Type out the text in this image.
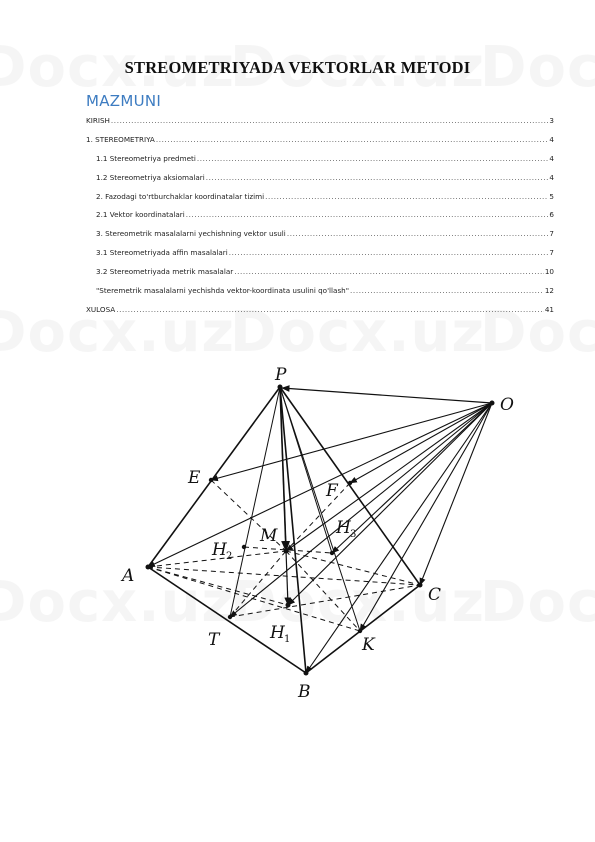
STREOMETRIYADA VEKTORLAR METODI
MAZMUNI
KIRISH .....	3
1. STEREOMETRIYA .....	4
1.1 Stereometriya predmeti .....	4
1.2 Stereometriya aksiomalari .....	4
2. Fazodagi to'rtburchaklar koordinatalar tizimi .....	5
2.1 Vektor koordinatalari .....	6
3. Stereometrik masalalarni yechishning vektor usuli .....	7
3.1 Stereometriyada affin masalalari .....	7
3.2 Stereometriyada metrik masalalar .....	10
"Steremetrik masalalarni yechishda vektor-koordinata usulini qo'llash" .....	12
XULOSA .....	41
P
O
E
F
M
H 2
H 3
A
C
T	H 1	K
B
